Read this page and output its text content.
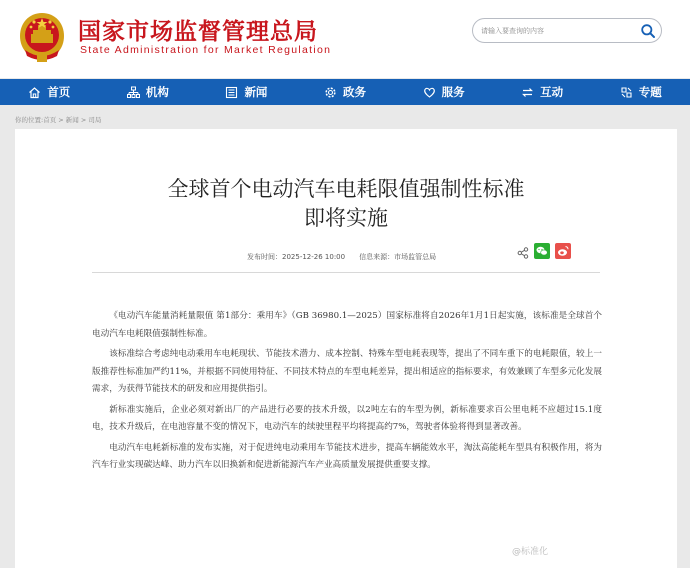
国家市场监督管理总局
State Administration for Market Regulation
请输入要查询的内容
首页	机构	新闻	政务	服务	互动	专题
你的位置:首页 > 新闻 > 司局
全球首个电动汽车电耗限值强制性标准
即将实施
发布时间：2025-12-26 10:00 信息来源：市场监管总局

《电动汽车能量消耗量限值 第1部分：乘用车》（GB 36980.1—2025）国家标准将自2026年1月1日起实施，该标准是全球首个电动汽车电耗限值强制性标准。

该标准综合考虑纯电动乘用车电耗现状、节能技术潜力、成本控制、特殊车型电耗表现等，提出了不同车重下的电耗限值，较上一版推荐性标准加严约11%，并根据不同使用特征、不同技术特点的车型电耗差异，提出相适应的指标要求，有效兼顾了车型多元化发展需求，为获得节能技术的研发和应用提供指引。

新标准实施后，企业必须对新出厂的产品进行必要的技术升级，以2吨左右的车型为例，新标准要求百公里电耗不应超过15.1度电，技术升级后，在电池容量不变的情况下，电动汽车的续驶里程平均将提高约7%，驾驶者体验将得到显著改善。

电动汽车电耗新标准的发布实施，对于促进纯电动乘用车节能技术进步，提高车辆能效水平，淘汰高能耗车型具有积极作用，将为汽车行业实现碳达峰、助力汽车以旧换新和促进新能源汽车产业高质量发展提供重要支撑。

@标准化
